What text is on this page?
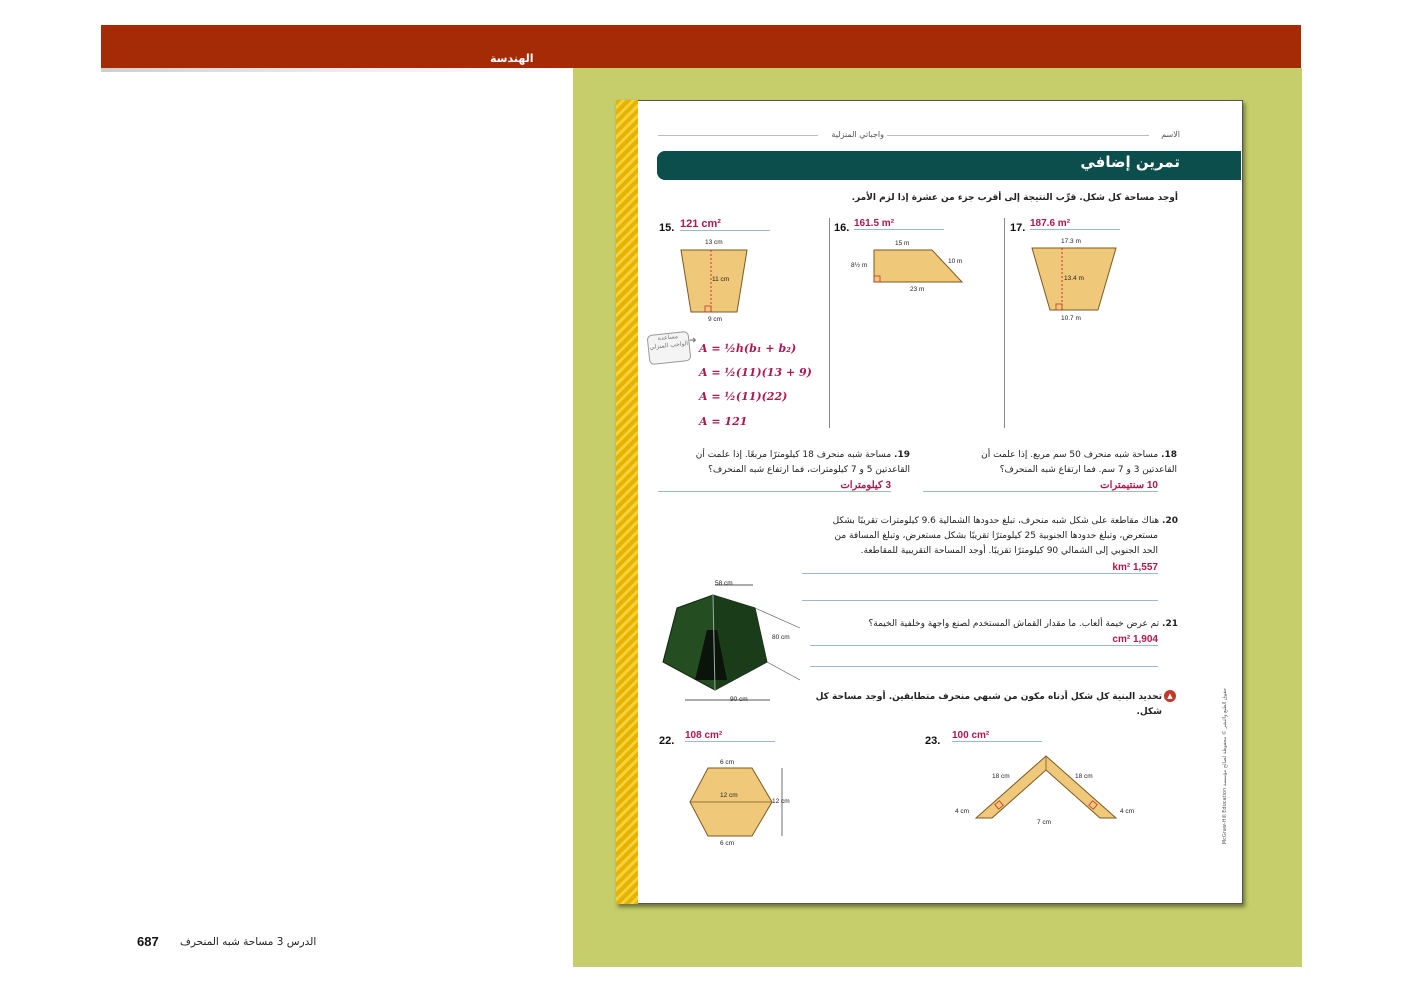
الهندسة
واجباتي المنزلية	الاسم
تمرين إضافي
أوجد مساحة كل شكل. قرِّب النتيجة إلى أقرب جزء من عشرة إذا لزم الأمر.
15. 121 cm²
13 cm
11 cm
9 cm
مساعدة الواجب المنزلي ➜
A = ½h(b₁ + b₂)
A = ½(11)(13 + 9)
A = ½(11)(22)
A = 121
16. 161.5 m²
15 m
8½ m
10 m
23 m
17. 187.6 m²
17.3 m
13.4 m
10.7 m
18. مساحة شبه منحرف 50 سم مربع. إذا علمت أن القاعدتين 3 و 7 سم. فما ارتفاع شبه المنحرف؟
10 سنتيمترات
19. مساحة شبه منحرف 18 كيلومترًا مربعًا. إذا علمت أن القاعدتين 5 و 7 كيلومترات، فما ارتفاع شبه المنحرف؟
3 كيلومترات
20. هناك مقاطعة على شكل شبه منحرف، تبلغ حدودها الشمالية 9.6 كيلومترات تقريبًا بشكل
مستعرض، وتبلغ حدودها الجنوبية 25 كيلومترًا تقريبًا بشكل مستعرض، وتبلغ المسافة من
الحد الجنوبي إلى الشمالي 90 كيلومترًا تقريبًا. أوجد المساحة التقريبية للمقاطعة.
1,557 km²
58 cm
80 cm
90 cm
21. تم عرض خيمة ألعاب. ما مقدار القماش المستخدم لصنع واجهة وخلفية الخيمة؟
1,904 cm²
▲
تحديد البنية كل شكل أدناه مكون من شبهي منحرف متطابقين. أوجد مساحة كل شكل.
22. 108 cm²
6 cm
12 cm
12 cm
6 cm
23. 100 cm²
18 cm	18 cm
4 cm	4 cm
7 cm	حقوق الطبع والنشر © محفوظة لصالح مؤسسة McGraw-Hill Education
687 الدرس 3 مساحة شبه المنحرف
